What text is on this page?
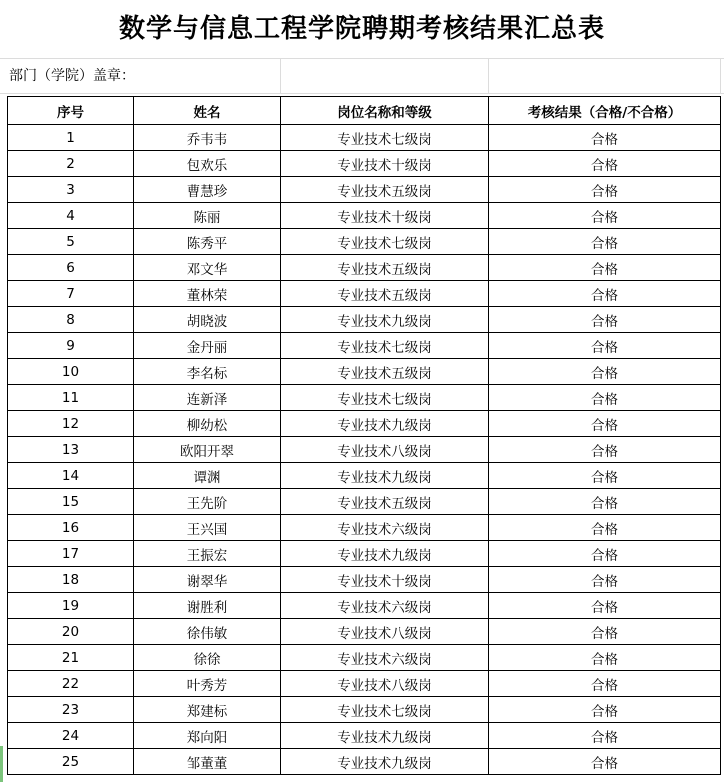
数学与信息工程学院聘期考核结果汇总表
部门（学院）盖章：
序号	姓名	岗位名称和等级	考核结果（合格/不合格）
1	乔韦韦	专业技术七级岗	合格
2	包欢乐	专业技术十级岗	合格
3	曹慧珍	专业技术五级岗	合格
4	陈丽	专业技术十级岗	合格
5	陈秀平	专业技术七级岗	合格
6	邓文华	专业技术五级岗	合格
7	董林荣	专业技术五级岗	合格
8	胡晓波	专业技术九级岗	合格
9	金丹丽	专业技术七级岗	合格
10	李名标	专业技术五级岗	合格
11	连新泽	专业技术七级岗	合格
12	柳幼松	专业技术九级岗	合格
13	欧阳开翠	专业技术八级岗	合格
14	谭渊	专业技术九级岗	合格
15	王先阶	专业技术五级岗	合格
16	王兴国	专业技术六级岗	合格
17	王振宏	专业技术九级岗	合格
18	谢翠华	专业技术十级岗	合格
19	谢胜利	专业技术六级岗	合格
20	徐伟敏	专业技术八级岗	合格
21	徐徐	专业技术六级岗	合格
22	叶秀芳	专业技术八级岗	合格
23	郑建标	专业技术七级岗	合格
24	郑向阳	专业技术九级岗	合格
25	邹董董	专业技术九级岗	合格
